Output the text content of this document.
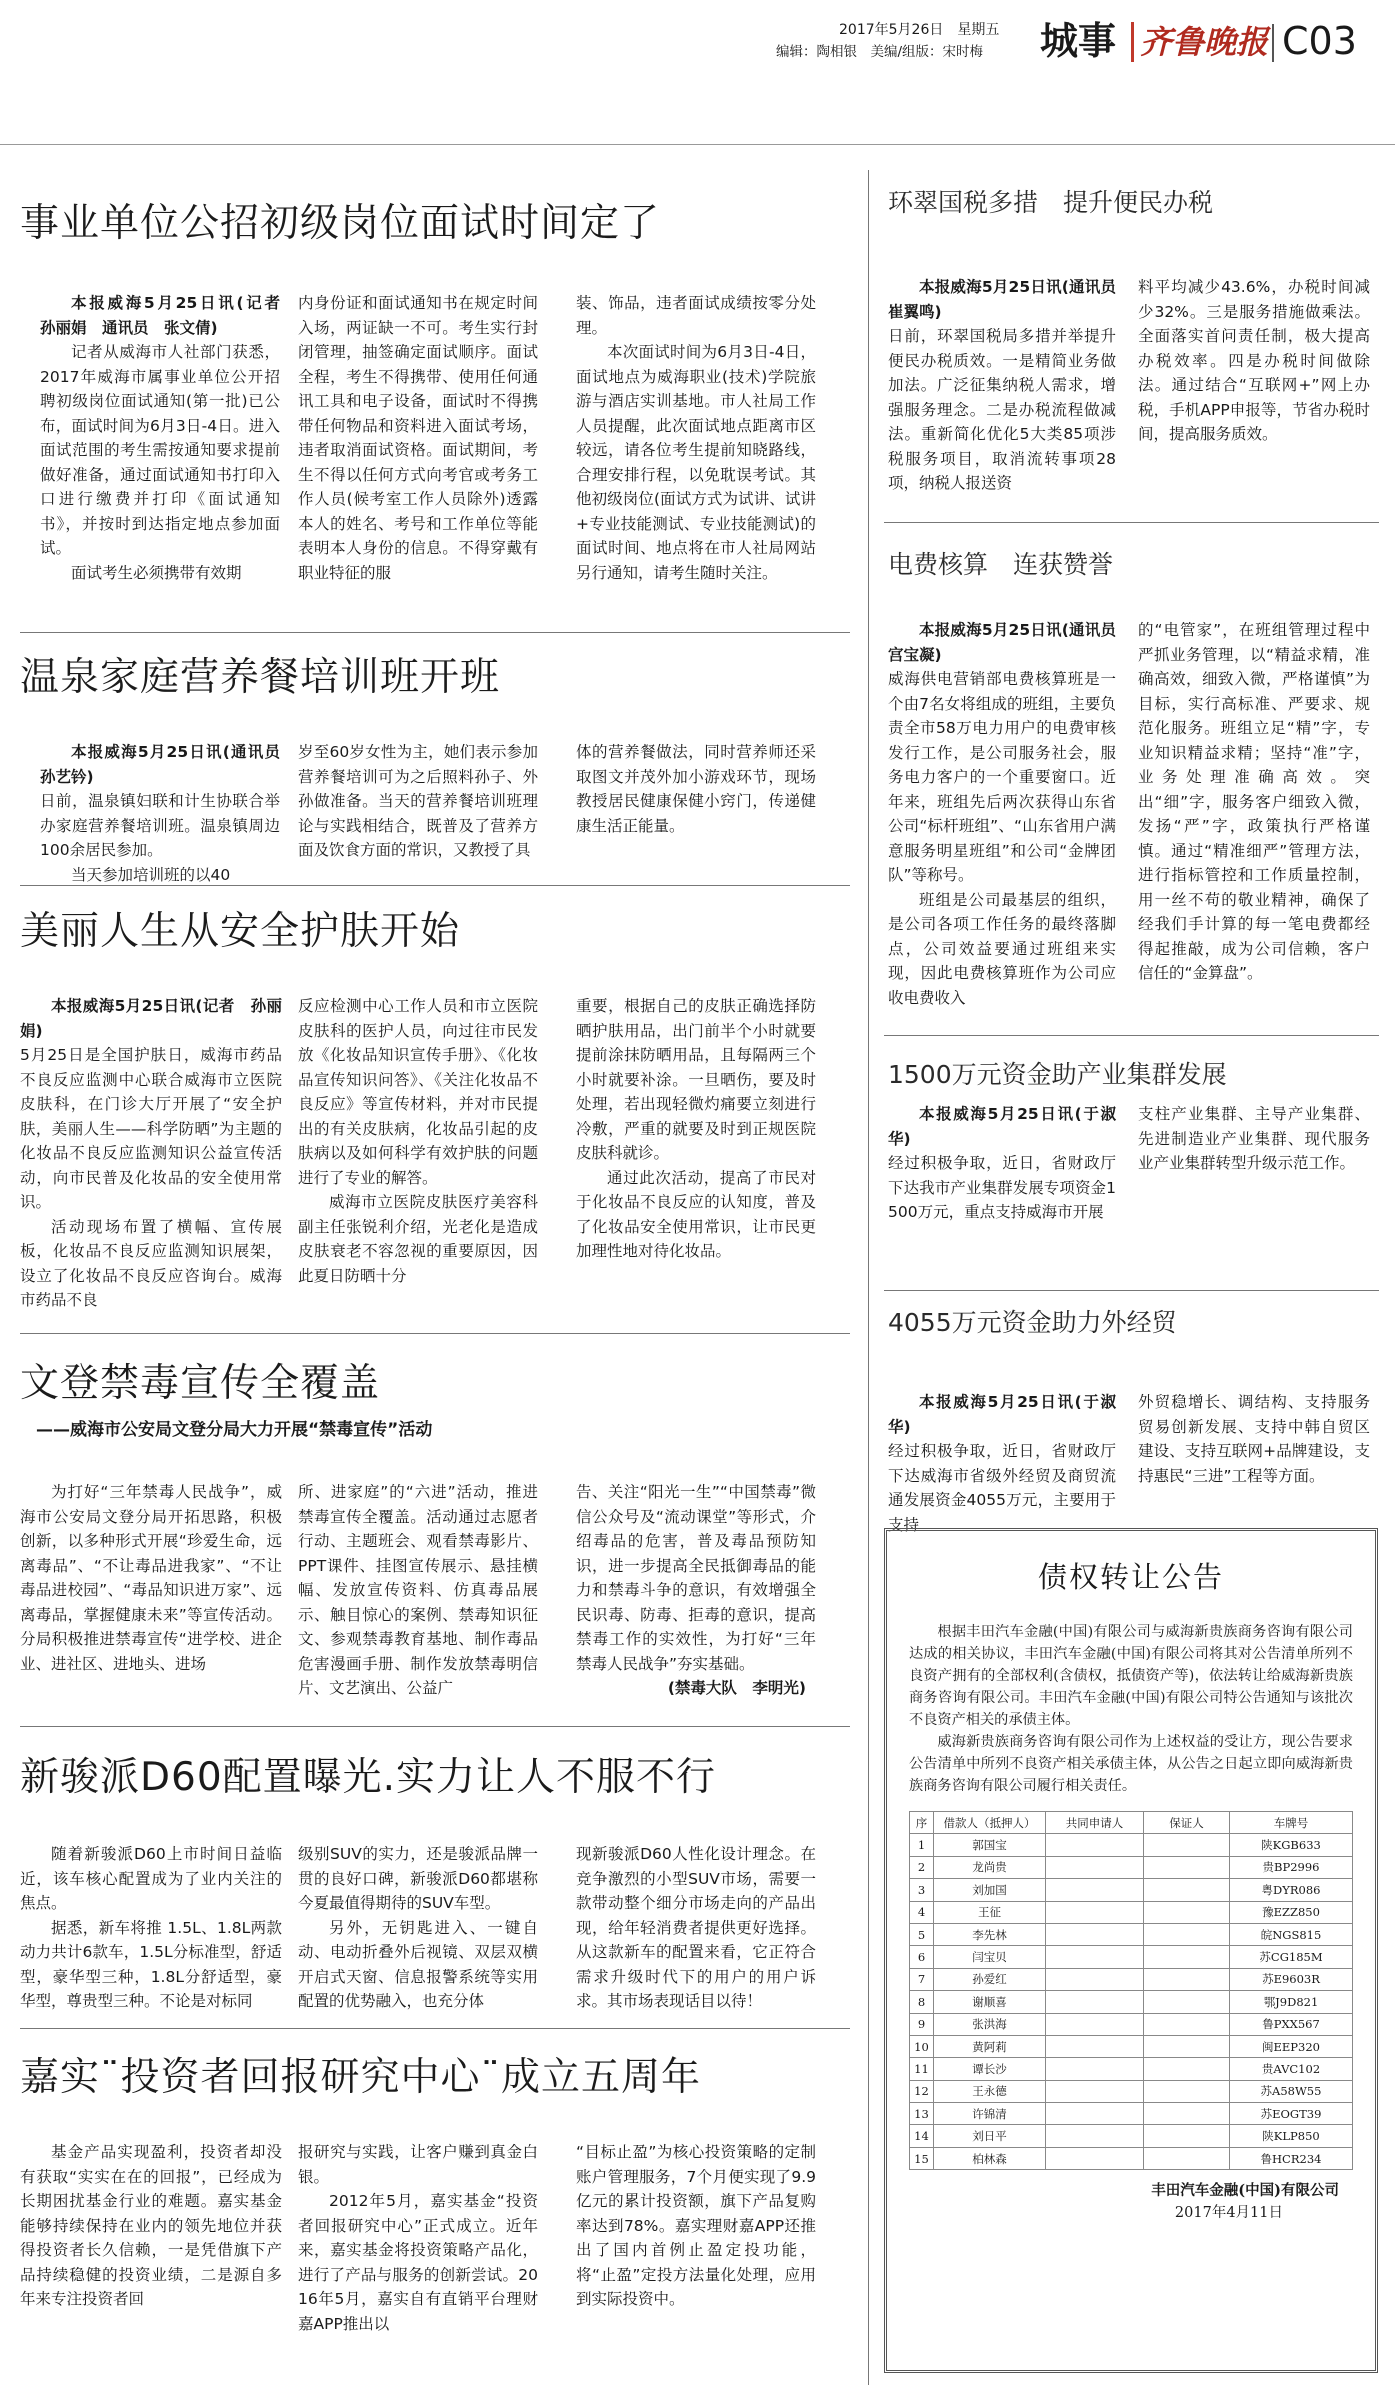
2017年5月26日　星期五
编辑：陶相银　美编/组版：宋时梅 城事 齐鲁晚报 C03
事业单位公招初级岗位面试时间定了
本报威海5月25日讯(记者　孙丽娟　通讯员　张文倩)
记者从威海市人社部门获悉，2017年威海市属事业单位公开招聘初级岗位面试通知(第一批)已公布，面试时间为6月3日-4日。进入面试范围的考生需按通知要求提前做好准备，通过面试通知书打印入口进行缴费并打印《面试通知书》，并按时到达指定地点参加面试。
面试考生必须携带有效期
内身份证和面试通知书在规定时间入场，两证缺一不可。考生实行封闭管理，抽签确定面试顺序。面试全程，考生不得携带、使用任何通讯工具和电子设备，面试时不得携带任何物品和资料进入面试考场，违者取消面试资格。面试期间，考生不得以任何方式向考官或考务工作人员(候考室工作人员除外)透露本人的姓名、考号和工作单位等能表明本人身份的信息。不得穿戴有职业特征的服
装、饰品，违者面试成绩按零分处理。
本次面试时间为6月3日-4日，面试地点为威海职业(技术)学院旅游与酒店实训基地。市人社局工作人员提醒，此次面试地点距离市区较远，请各位考生提前知晓路线，合理安排行程，以免耽误考试。其他初级岗位(面试方式为试讲、试讲+专业技能测试、专业技能测试)的面试时间、地点将在市人社局网站另行通知，请考生随时关注。
温泉家庭营养餐培训班开班
本报威海5月25日讯(通讯员　孙艺钤)
日前，温泉镇妇联和计生协联合举办家庭营养餐培训班。温泉镇周边100余居民参加。
当天参加培训班的以40
岁至60岁女性为主，她们表示参加营养餐培训可为之后照料孙子、外孙做准备。当天的营养餐培训班理论与实践相结合，既普及了营养方面及饮食方面的常识，又教授了具
体的营养餐做法，同时营养师还采取图文并茂外加小游戏环节，现场教授居民健康保健小窍门，传递健康生活正能量。
美丽人生从安全护肤开始
本报威海5月25日讯(记者　孙丽娟)
5月25日是全国护肤日，威海市药品不良反应监测中心联合威海市立医院皮肤科，在门诊大厅开展了“安全护肤，美丽人生——科学防晒”为主题的化妆品不良反应监测知识公益宣传活动，向市民普及化妆品的安全使用常识。
活动现场布置了横幅、宣传展板，化妆品不良反应监测知识展架，设立了化妆品不良反应咨询台。威海市药品不良
反应检测中心工作人员和市立医院皮肤科的医护人员，向过往市民发放《化妆品知识宣传手册》、《化妆品宣传知识问答》、《关注化妆品不良反应》等宣传材料，并对市民提出的有关皮肤病，化妆品引起的皮肤病以及如何科学有效护肤的问题进行了专业的解答。
威海市立医院皮肤医疗美容科副主任张锐利介绍，光老化是造成皮肤衰老不容忽视的重要原因，因此夏日防晒十分
重要，根据自己的皮肤正确选择防晒护肤用品，出门前半个小时就要提前涂抹防晒用品，且每隔两三个小时就要补涂。一旦晒伤，要及时处理，若出现轻微灼痛要立刻进行冷敷，严重的就要及时到正规医院皮肤科就诊。
通过此次活动，提高了市民对于化妆品不良反应的认知度，普及了化妆品安全使用常识，让市民更加理性地对待化妆品。
文登禁毒宣传全覆盖
——威海市公安局文登分局大力开展“禁毒宣传”活动
为打好“三年禁毒人民战争”，威海市公安局文登分局开拓思路，积极创新，以多种形式开展“珍爱生命，远离毒品”、“不让毒品进我家”、“不让毒品进校园”、“毒品知识进万家”、远离毒品，掌握健康未来”等宣传活动。分局积极推进禁毒宣传“进学校、进企业、进社区、进地头、进场
所、进家庭”的“六进”活动，推进禁毒宣传全覆盖。活动通过志愿者行动、主题班会、观看禁毒影片、PPT课件、挂图宣传展示、悬挂横幅、发放宣传资料、仿真毒品展示、触目惊心的案例、禁毒知识征文、参观禁毒教育基地、制作毒品危害漫画手册、制作发放禁毒明信片、文艺演出、公益广
告、关注“阳光一生”“中国禁毒”微信公众号及“流动课堂”等形式，介绍毒品的危害，普及毒品预防知识，进一步提高全民抵御毒品的能力和禁毒斗争的意识，有效增强全民识毒、防毒、拒毒的意识，提高禁毒工作的实效性，为打好“三年禁毒人民战争”夯实基础。
(禁毒大队　李明光)
新骏派D60配置曝光.实力让人不服不行
随着新骏派D60上市时间日益临近，该车核心配置成为了业内关注的焦点。
据悉，新车将推 1.5L、1.8L两款动力共计6款车，1.5L分标准型，舒适型，豪华型三种，1.8L分舒适型，豪华型，尊贵型三种。不论是对标同
级别SUV的实力，还是骏派品牌一贯的良好口碑，新骏派D60都堪称今夏最值得期待的SUV车型。
另外，无钥匙进入、一键自动、电动折叠外后视镜、双层双横开启式天窗、信息报警系统等实用配置的优势融入，也充分体
现新骏派D60人性化设计理念。在竞争激烈的小型SUV市场，需要一款带动整个细分市场走向的产品出现，给年轻消费者提供更好选择。从这款新车的配置来看，它正符合需求升级时代下的用户的用户诉求。其市场表现话目以待！
嘉实¨投资者回报研究中心¨成立五周年
基金产品实现盈利，投资者却没有获取“实实在在的回报”，已经成为长期困扰基金行业的难题。嘉实基金能够持续保持在业内的领先地位并获得投资者长久信赖，一是凭借旗下产品持续稳健的投资业绩，二是源自多年来专注投资者回
报研究与实践，让客户赚到真金白银。
2012年5月，嘉实基金“投资者回报研究中心”正式成立。近年来，嘉实基金将投资策略产品化，进行了产品与服务的创新尝试。2016年5月，嘉实自有直销平台理财嘉APP推出以
“目标止盈”为核心投资策略的定制账户管理服务，7个月便实现了9.9亿元的累计投资额，旗下产品复购率达到78%。嘉实理财嘉APP还推出了国内首例止盈定投功能，将“止盈”定投方法量化处理，应用到实际投资中。
环翠国税多措　提升便民办税
本报威海5月25日讯(通讯员　崔翼鸣)
日前，环翠国税局多措并举提升便民办税质效。一是精简业务做加法。广泛征集纳税人需求，增强服务理念。二是办税流程做减法。重新简化优化5大类85项涉税服务项目，取消流转事项28项，纳税人报送资
料平均减少43.6%，办税时间减少32%。三是服务措施做乘法。全面落实首问责任制，极大提高办税效率。四是办税时间做除法。通过结合“互联网+”网上办税，手机APP申报等，节省办税时间，提高服务质效。
电费核算　连获赞誉
本报威海5月25日讯(通讯员　宫宝凝)
威海供电营销部电费核算班是一个由7名女将组成的班组，主要负责全市58万电力用户的电费审核发行工作，是公司服务社会，服务电力客户的一个重要窗口。近年来，班组先后两次获得山东省公司“标杆班组”、“山东省用户满意服务明星班组”和公司“金牌团队”等称号。
班组是公司最基层的组织，是公司各项工作任务的最终落脚点，公司效益要通过班组来实现，因此电费核算班作为公司应收电费收入
的“电管家”，在班组管理过程中严抓业务管理，以“精益求精，准确高效，细致入微，严格谨慎”为目标，实行高标准、严要求、规范化服务。班组立足“精”字，专业知识精益求精；坚持“准”字，业务处理准确高效。突出“细”字，服务客户细致入微，发扬“严”字，政策执行严格谨慎。通过“精准细严”管理方法，进行指标管控和工作质量控制，用一丝不苟的敬业精神，确保了经我们手计算的每一笔电费都经得起推敲，成为公司信赖，客户信任的“金算盘”。
1500万元资金助产业集群发展
本报威海5月25日讯(于淑华)
经过积极争取，近日，省财政厅下达我市产业集群发展专项资金1500万元，重点支持威海市开展
支柱产业集群、主导产业集群、先进制造业产业集群、现代服务业产业集群转型升级示范工作。
4055万元资金助力外经贸
本报威海5月25日讯(于淑华)
经过积极争取，近日，省财政厅下达威海市省级外经贸及商贸流通发展资金4055万元，主要用于支持
外贸稳增长、调结构、支持服务贸易创新发展、支持中韩自贸区建设、支持互联网+品牌建设，支持惠民“三进”工程等方面。
债权转让公告
根据丰田汽车金融(中国)有限公司与威海新贵族商务咨询有限公司达成的相关协议，丰田汽车金融(中国)有限公司将其对公告清单所列不良资产拥有的全部权利(含债权，抵债资产等)，依法转让给威海新贵族商务咨询有限公司。丰田汽车金融(中国)有限公司特公告通知与该批次不良资产相关的承债主体。
威海新贵族商务咨询有限公司作为上述权益的受让方，现公告要求公告清单中所列不良资产相关承债主体，从公告之日起立即向威海新贵族商务咨询有限公司履行相关责任。
序	借款人（抵押人）	共同申请人	保证人	车牌号
1	郭国宝			陕KGB633
2	龙尚贵			贵BP2996
3	刘加国			粤DYR086
4	王征			豫EZZ850
5	李先林			皖NGS815
6	闫宝贝			苏CG185M
7	孙爱红			苏E9603R
8	谢顺喜			鄂J9D821
9	张洪海			鲁PXX567
10	黄阿莉			闽EEP320
11	谭长沙			贵AVC102
12	王永德			苏A58W55
13	许锦清			苏EOGT39
14	刘日平			陕KLP850
15	柏林森			鲁HCR234
丰田汽车金融(中国)有限公司
2017年4月11日
